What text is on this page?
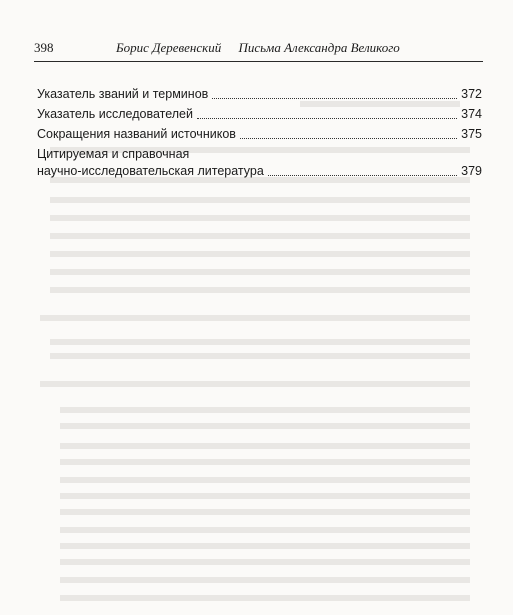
398	Борис Деревенский Письма Александра Великого
Указатель званий и терминов	372
Указатель исследователей	374
Сокращения названий источников	375
Цитируемая и справочная
научно-исследовательская литература	379
